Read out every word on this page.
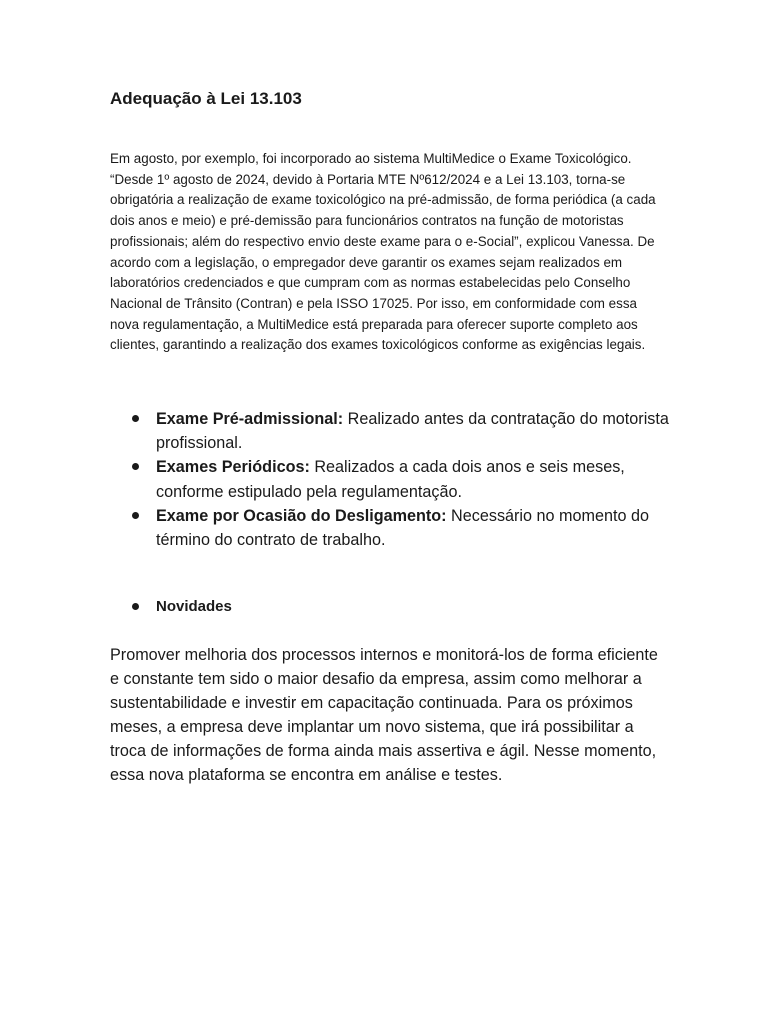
Adequação à Lei 13.103

Em agosto, por exemplo, foi incorporado ao sistema MultiMedice o Exame Toxicológico. “Desde 1º agosto de 2024, devido à Portaria MTE Nº612/2024 e a Lei 13.103, torna-se obrigatória a realização de exame toxicológico na pré-admissão, de forma periódica (a cada dois anos e meio) e pré-demissão para funcionários contratos na função de motoristas profissionais; além do respectivo envio deste exame para o e-Social”, explicou Vanessa. De acordo com a legislação, o empregador deve garantir os exames sejam realizados em laboratórios credenciados e que cumpram com as normas estabelecidas pelo Conselho Nacional de Trânsito (Contran) e pela ISSO 17025. Por isso, em conformidade com essa nova regulamentação, a MultiMedice está preparada para oferecer suporte completo aos clientes, garantindo a realização dos exames toxicológicos conforme as exigências legais.

Exame Pré-admissional: Realizado antes da contratação do motorista profissional.
Exames Periódicos: Realizados a cada dois anos e seis meses, conforme estipulado pela regulamentação.
Exame por Ocasião do Desligamento: Necessário no momento do término do contrato de trabalho.
Novidades

Promover melhoria dos processos internos e monitorá-los de forma eficiente e constante tem sido o maior desafio da empresa, assim como melhorar a sustentabilidade e investir em capacitação continuada. Para os próximos meses, a empresa deve implantar um novo sistema, que irá possibilitar a troca de informações de forma ainda mais assertiva e ágil. Nesse momento, essa nova plataforma se encontra em análise e testes.
